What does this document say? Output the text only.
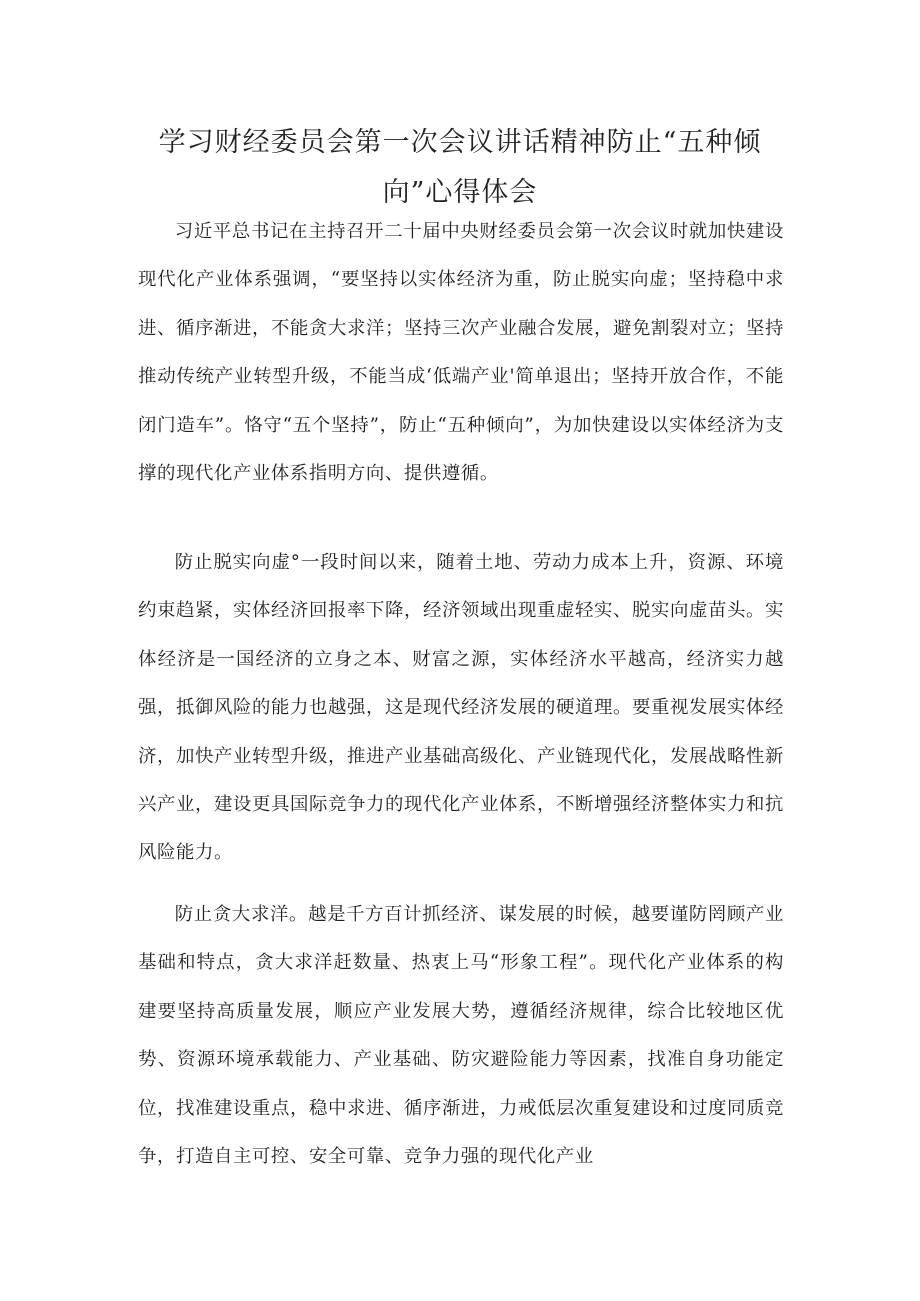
学习财经委员会第一次会议讲话精神防止“五种倾向”心得体会

习近平总书记在主持召开二十届中央财经委员会第一次会议时就加快建设现代化产业体系强调，“要坚持以实体经济为重，防止脱实向虚；坚持稳中求进、循序渐进，不能贪大求洋；坚持三次产业融合发展，避免割裂对立；坚持推动传统产业转型升级，不能当成‘低端产业'简单退出；坚持开放合作，不能闭门造车”。恪守“五个坚持”，防止“五种倾向”，为加快建设以实体经济为支撑的现代化产业体系指明方向、提供遵循。

防止脱实向虚°一段时间以来，随着土地、劳动力成本上升，资源、环境约束趋紧，实体经济回报率下降，经济领域出现重虚轻实、脱实向虚苗头。实体经济是一国经济的立身之本、财富之源，实体经济水平越高，经济实力越强，抵御风险的能力也越强，这是现代经济发展的硬道理。要重视发展实体经济，加快产业转型升级，推进产业基础高级化、产业链现代化，发展战略性新兴产业，建设更具国际竞争力的现代化产业体系，不断增强经济整体实力和抗风险能力。

防止贪大求洋。越是千方百计抓经济、谋发展的时候，越要谨防罔顾产业基础和特点，贪大求洋赶数量、热衷上马“形象工程”。现代化产业体系的构建要坚持高质量发展，顺应产业发展大势，遵循经济规律，综合比较地区优势、资源环境承载能力、产业基础、防灾避险能力等因素，找准自身功能定位，找准建设重点，稳中求进、循序渐进，力戒低层次重复建设和过度同质竞争，打造自主可控、安全可靠、竞争力强的现代化产业
